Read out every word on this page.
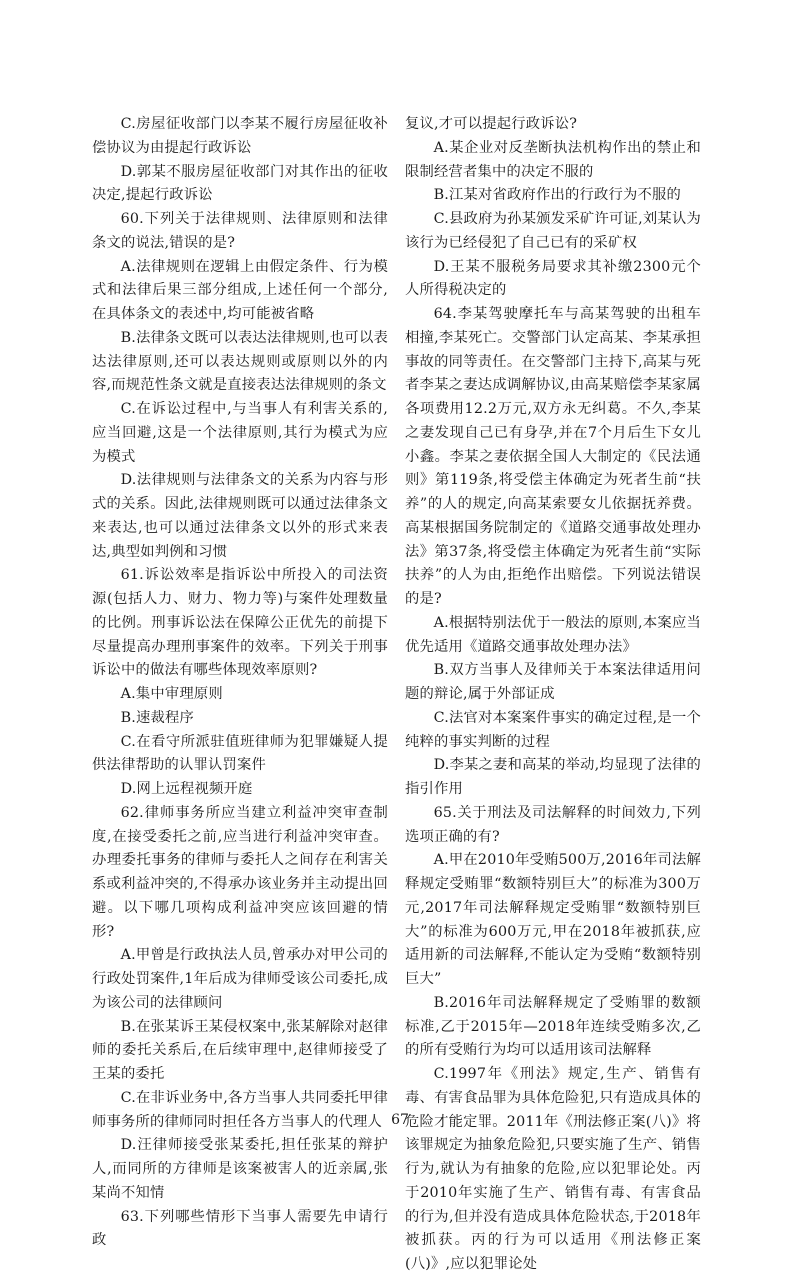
C.房屋征收部门以李某不履行房屋征收补偿协议为由提起行政诉讼

D.郭某不服房屋征收部门对其作出的征收决定,提起行政诉讼

60.下列关于法律规则、法律原则和法律条文的说法,错误的是?

A.法律规则在逻辑上由假定条件、行为模式和法律后果三部分组成,上述任何一个部分,在具体条文的表述中,均可能被省略

B.法律条文既可以表达法律规则,也可以表达法律原则,还可以表达规则或原则以外的内容,而规范性条文就是直接表达法律规则的条文

C.在诉讼过程中,与当事人有利害关系的,应当回避,这是一个法律原则,其行为模式为应为模式

D.法律规则与法律条文的关系为内容与形式的关系。因此,法律规则既可以通过法律条文来表达,也可以通过法律条文以外的形式来表达,典型如判例和习惯

61.诉讼效率是指诉讼中所投入的司法资源(包括人力、财力、物力等)与案件处理数量的比例。刑事诉讼法在保障公正优先的前提下尽量提高办理刑事案件的效率。下列关于刑事诉讼中的做法有哪些体现效率原则?

A.集中审理原则

B.速裁程序

C.在看守所派驻值班律师为犯罪嫌疑人提供法律帮助的认罪认罚案件

D.网上远程视频开庭

62.律师事务所应当建立利益冲突审查制度,在接受委托之前,应当进行利益冲突审查。办理委托事务的律师与委托人之间存在利害关系或利益冲突的,不得承办该业务并主动提出回避。以下哪几项构成利益冲突应该回避的情形?

A.甲曾是行政执法人员,曾承办对甲公司的行政处罚案件,1年后成为律师受该公司委托,成为该公司的法律顾问

B.在张某诉王某侵权案中,张某解除对赵律师的委托关系后,在后续审理中,赵律师接受了王某的委托

C.在非诉业务中,各方当事人共同委托甲律师事务所的律师同时担任各方当事人的代理人

D.汪律师接受张某委托,担任张某的辩护人,而同所的方律师是该案被害人的近亲属,张某尚不知情

63.下列哪些情形下当事人需要先申请行政

复议,才可以提起行政诉讼?

A.某企业对反垄断执法机构作出的禁止和限制经营者集中的决定不服的

B.江某对省政府作出的行政行为不服的

C.县政府为孙某颁发采矿许可证,刘某认为该行为已经侵犯了自己已有的采矿权

D.王某不服税务局要求其补缴2300元个人所得税决定的

64.李某驾驶摩托车与高某驾驶的出租车相撞,李某死亡。交警部门认定高某、李某承担事故的同等责任。在交警部门主持下,高某与死者李某之妻达成调解协议,由高某赔偿李某家属各项费用12.2万元,双方永无纠葛。不久,李某之妻发现自己已有身孕,并在7个月后生下女儿小鑫。李某之妻依据全国人大制定的《民法通则》第119条,将受偿主体确定为死者生前“扶养”的人的规定,向高某索要女儿依据抚养费。高某根据国务院制定的《道路交通事故处理办法》第37条,将受偿主体确定为死者生前“实际扶养”的人为由,拒绝作出赔偿。下列说法错误的是?

A.根据特别法优于一般法的原则,本案应当优先适用《道路交通事故处理办法》

B.双方当事人及律师关于本案法律适用问题的辩论,属于外部证成

C.法官对本案案件事实的确定过程,是一个纯粹的事实判断的过程

D.李某之妻和高某的举动,均显现了法律的指引作用

65.关于刑法及司法解释的时间效力,下列选项正确的有?

A.甲在2010年受贿500万,2016年司法解释规定受贿罪“数额特别巨大”的标准为300万元,2017年司法解释规定受贿罪“数额特别巨大”的标准为600万元,甲在2018年被抓获,应适用新的司法解释,不能认定为受贿“数额特别巨大”

B.2016年司法解释规定了受贿罪的数额标准,乙于2015年—2018年连续受贿多次,乙的所有受贿行为均可以适用该司法解释

C.1997年《刑法》规定,生产、销售有毒、有害食品罪为具体危险犯,只有造成具体的危险才能定罪。2011年《刑法修正案(八)》将该罪规定为抽象危险犯,只要实施了生产、销售行为,就认为有抽象的危险,应以犯罪论处。丙于2010年实施了生产、销售有毒、有害食品的行为,但并没有造成具体危险状态,于2018年被抓获。丙的行为可以适用《刑法修正案(八)》,应以犯罪论处

67
